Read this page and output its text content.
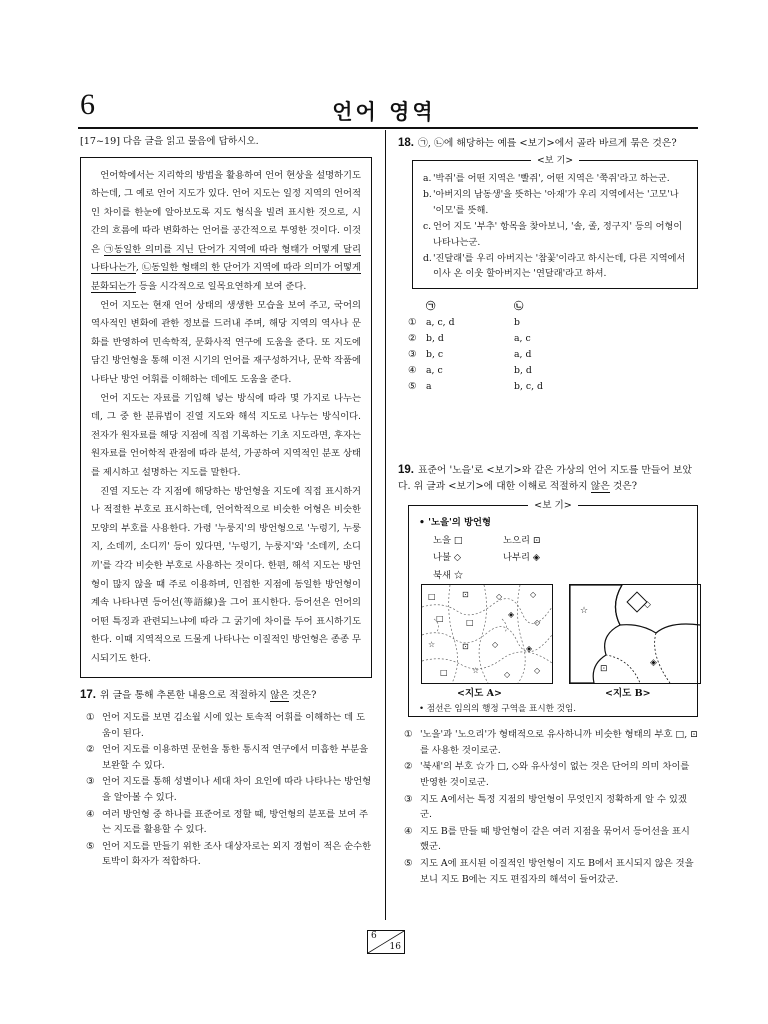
6	언어 영역

[17~19] 다음 글을 읽고 물음에 답하시오.

언어학에서는 지리학의 방법을 활용하여 언어 현상을 설명하기도 하는데, 그 예로 언어 지도가 있다. 언어 지도는 일정 지역의 언어적인 차이를 한눈에 알아보도록 지도 형식을 빌려 표시한 것으로, 시간의 흐름에 따라 변화하는 언어를 공간적으로 투영한 것이다. 이것은 ㉠동일한 의미를 지닌 단어가 지역에 따라 형태가 어떻게 달리 나타나는가, ㉡동일한 형태의 한 단어가 지역에 따라 의미가 어떻게 분화되는가 등을 시각적으로 일목요연하게 보여 준다.

언어 지도는 현재 언어 상태의 생생한 모습을 보여 주고, 국어의 역사적인 변화에 관한 정보를 드러내 주며, 해당 지역의 역사나 문화를 반영하여 민속학적, 문화사적 연구에 도움을 준다. 또 지도에 담긴 방언형을 통해 이전 시기의 언어를 재구성하거나, 문학 작품에 나타난 방언 어휘를 이해하는 데에도 도움을 준다.

언어 지도는 자료를 기입해 넣는 방식에 따라 몇 가지로 나누는데, 그 중 한 분류법이 진열 지도와 해석 지도로 나누는 방식이다. 전자가 원자료를 해당 지점에 직접 기록하는 기초 지도라면, 후자는 원자료를 언어학적 관점에 따라 분석, 가공하여 지역적인 분포 상태를 제시하고 설명하는 지도를 말한다.

진열 지도는 각 지점에 해당하는 방언형을 지도에 직접 표시하거나 적절한 부호로 표시하는데, 언어학적으로 비슷한 어형은 비슷한 모양의 부호를 사용한다. 가령 '누룽지'의 방언형으로 '누렁기, 누룽지, 소데끼, 소디끼' 등이 있다면, '누렁기, 누룽지'와 '소데끼, 소디끼'를 각각 비슷한 부호로 사용하는 것이다. 한편, 해석 지도는 방언형이 많지 않을 때 주로 이용하며, 인접한 지점에 동일한 방언형이 계속 나타나면 등어선(等語線)을 그어 표시한다. 등어선은 언어의 어떤 특징과 관련되느냐에 따라 그 굵기에 차이를 두어 표시하기도 한다. 이때 지역적으로 드물게 나타나는 이질적인 방언형은 종종 무시되기도 한다.

17. 위 글을 통해 추론한 내용으로 적절하지 않은 것은?

① 언어 지도를 보면 김소월 시에 있는 토속적 어휘를 이해하는 데 도움이 된다.
② 언어 지도를 이용하면 문헌을 통한 통시적 연구에서 미흡한 부분을 보완할 수 있다.
③ 언어 지도를 통해 성별이나 세대 차이 요인에 따라 나타나는 방언형을 알아볼 수 있다.
④ 여러 방언형 중 하나를 표준어로 정할 때, 방언형의 분포를 보여 주는 지도를 활용할 수 있다.
⑤ 언어 지도를 만들기 위한 조사 대상자로는 외지 경험이 적은 순수한 토박이 화자가 적합하다.

18. ㉠, ㉡에 해당하는 예를 <보기>에서 골라 바르게 묶은 것은?

<보 기>
a. '박쥐'를 어떤 지역은 '빨쥐', 어떤 지역은 '쭉쥐'라고 하는군.
b. '아버지의 남동생'을 뜻하는 '아재'가 우리 지역에서는 '고모'나 '이모'를 뜻해.
c. 언어 지도 '부추' 항목을 찾아보니, '솔, 졸, 정구지' 등의 어형이 나타나는군.
d. '진달래'를 우리 아버지는 '참꽃'이라고 하시는데, 다른 지역에서 이사 온 이웃 할아버지는 '연달래'라고 하셔.
㉠	㉡
①	a, c, d	b
②	b, d	a, c
③	b, c	a, d
④	a, c	b, d
⑤	a	b, c, d

19. 표준어 '노을'로 <보기>와 같은 가상의 언어 지도를 만들어 보았다. 위 글과 <보기>에 대한 이해로 적절하지 않은 것은?

<보 기>
• '노을'의 방언형
노을 □	노으리 ⊡
나불 ◇	나부리 ◈
북새 ☆
□	⊡	◇	◇
□	□
◈
◇
☆	⊡	◇	◈
□	☆	◇	◇
☆
◇
⊡
◈
<지도 A>	<지도 B>
• 점선은 임의의 행정 구역을 표시한 것임.
① '노을'과 '노으리'가 형태적으로 유사하니까 비슷한 형태의 부호 □, ⊡를 사용한 것이로군.
② '북새'의 부호 ☆가 □, ◇와 유사성이 없는 것은 단어의 의미 차이를 반영한 것이로군.
③ 지도 A에서는 특정 지점의 방언형이 무엇인지 정확하게 알 수 있겠군.
④ 지도 B를 만들 때 방언형이 같은 여러 지점을 묶어서 등어선을 표시했군.
⑤ 지도 A에 표시된 이질적인 방언형이 지도 B에서 표시되지 않은 것을 보니 지도 B에는 지도 편집자의 해석이 들어갔군.
6
16
